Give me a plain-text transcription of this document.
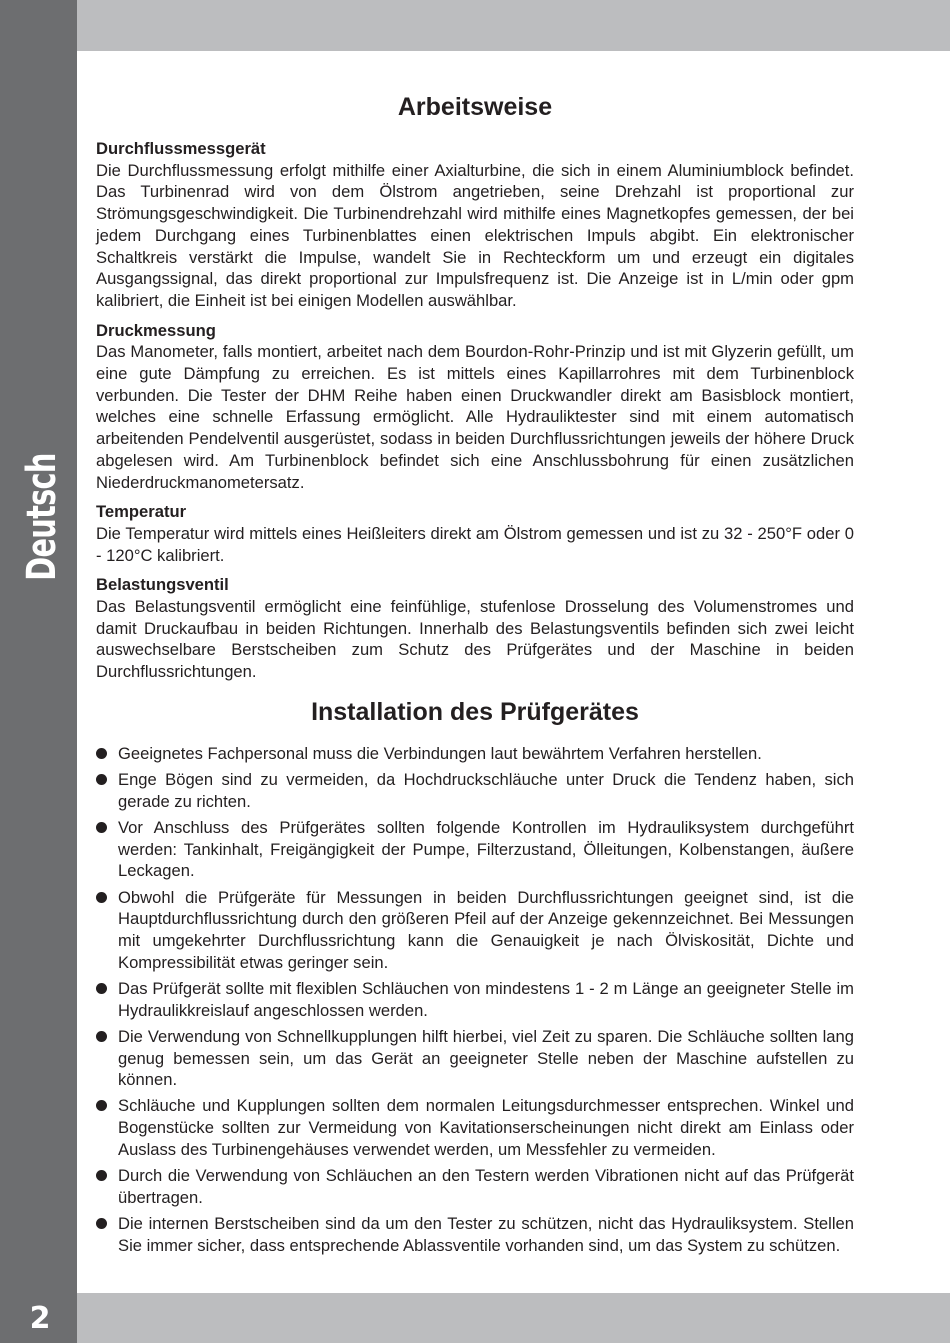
Deutsch
2
Arbeitsweise
Durchflussmessgerät

Die Durchflussmessung erfolgt mithilfe einer Axialturbine, die sich in einem Aluminiumblock befindet. Das Turbinenrad wird von dem Ölstrom angetrieben, seine Drehzahl ist proportional zur Strömungsgeschwindigkeit. Die Turbinendrehzahl wird mithilfe eines Magnetkopfes gemessen, der bei jedem Durchgang eines Turbinenblattes einen elektrischen Impuls abgibt. Ein elektronischer Schaltkreis verstärkt die Impulse, wandelt Sie in Rechteckform um und erzeugt ein digitales Ausgangssignal, das direkt proportional zur Impulsfrequenz ist. Die Anzeige ist in L/min oder gpm kalibriert, die Einheit ist bei einigen Modellen auswählbar.

Druckmessung

Das Manometer, falls montiert, arbeitet nach dem Bourdon-Rohr-Prinzip und ist mit Glyzerin gefüllt, um eine gute Dämpfung zu erreichen. Es ist mittels eines Kapillarrohres mit dem Turbinenblock verbunden. Die Tester der DHM Reihe haben einen Druckwandler direkt am Basisblock montiert, welches eine schnelle Erfassung ermöglicht. Alle Hydrauliktester sind mit einem automatisch arbeitenden Pendelventil ausgerüstet, sodass in beiden Durchflussrichtungen jeweils der höhere Druck abgelesen wird. Am Turbinenblock befindet sich eine Anschlussbohrung für einen zusätzlichen Niederdruckmanometersatz.

Temperatur

Die Temperatur wird mittels eines Heißleiters direkt am Ölstrom gemessen und ist zu 32 - 250°F oder 0 - 120°C kalibriert.

Belastungsventil

Das Belastungsventil ermöglicht eine feinfühlige, stufenlose Drosselung des Volumenstromes und damit Druckaufbau in beiden Richtungen. Innerhalb des Belastungsventils befinden sich zwei leicht auswechselbare Berstscheiben zum Schutz des Prüfgerätes und der Maschine in beiden Durchflussrichtungen.

Installation des Prüfgerätes
Geeignetes Fachpersonal muss die Verbindungen laut bewährtem Verfahren herstellen.
Enge Bögen sind zu vermeiden, da Hochdruckschläuche unter Druck die Tendenz haben, sich gerade zu richten.
Vor Anschluss des Prüfgerätes sollten folgende Kontrollen im Hydrauliksystem durchgeführt werden: Tankinhalt, Freigängigkeit der Pumpe, Filterzustand, Ölleitungen, Kolbenstangen, äußere Leckagen.
Obwohl die Prüfgeräte für Messungen in beiden Durchflussrichtungen geeignet sind, ist die Hauptdurchflussrichtung durch den größeren Pfeil auf der Anzeige gekennzeichnet. Bei Messungen mit umgekehrter Durchflussrichtung kann die Genauigkeit je nach Ölviskosität, Dichte und Kompressibilität etwas geringer sein.
Das Prüfgerät sollte mit flexiblen Schläuchen von mindestens 1 - 2 m Länge an geeigneter Stelle im Hydraulikkreislauf angeschlossen werden.
Die Verwendung von Schnellkupplungen hilft hierbei, viel Zeit zu sparen. Die Schläuche sollten lang genug bemessen sein, um das Gerät an geeigneter Stelle neben der Maschine aufstellen zu können.
Schläuche und Kupplungen sollten dem normalen Leitungsdurchmesser entsprechen. Winkel und Bogenstücke sollten zur Vermeidung von Kavitationserscheinungen nicht direkt am Einlass oder Auslass des Turbinengehäuses verwendet werden, um Messfehler zu vermeiden.
Durch die Verwendung von Schläuchen an den Testern werden Vibrationen nicht auf das Prüfgerät übertragen.
Die internen Berstscheiben sind da um den Tester zu schützen, nicht das Hydrauliksystem. Stellen Sie immer sicher, dass entsprechende Ablassventile vorhanden sind, um das System zu schützen.
